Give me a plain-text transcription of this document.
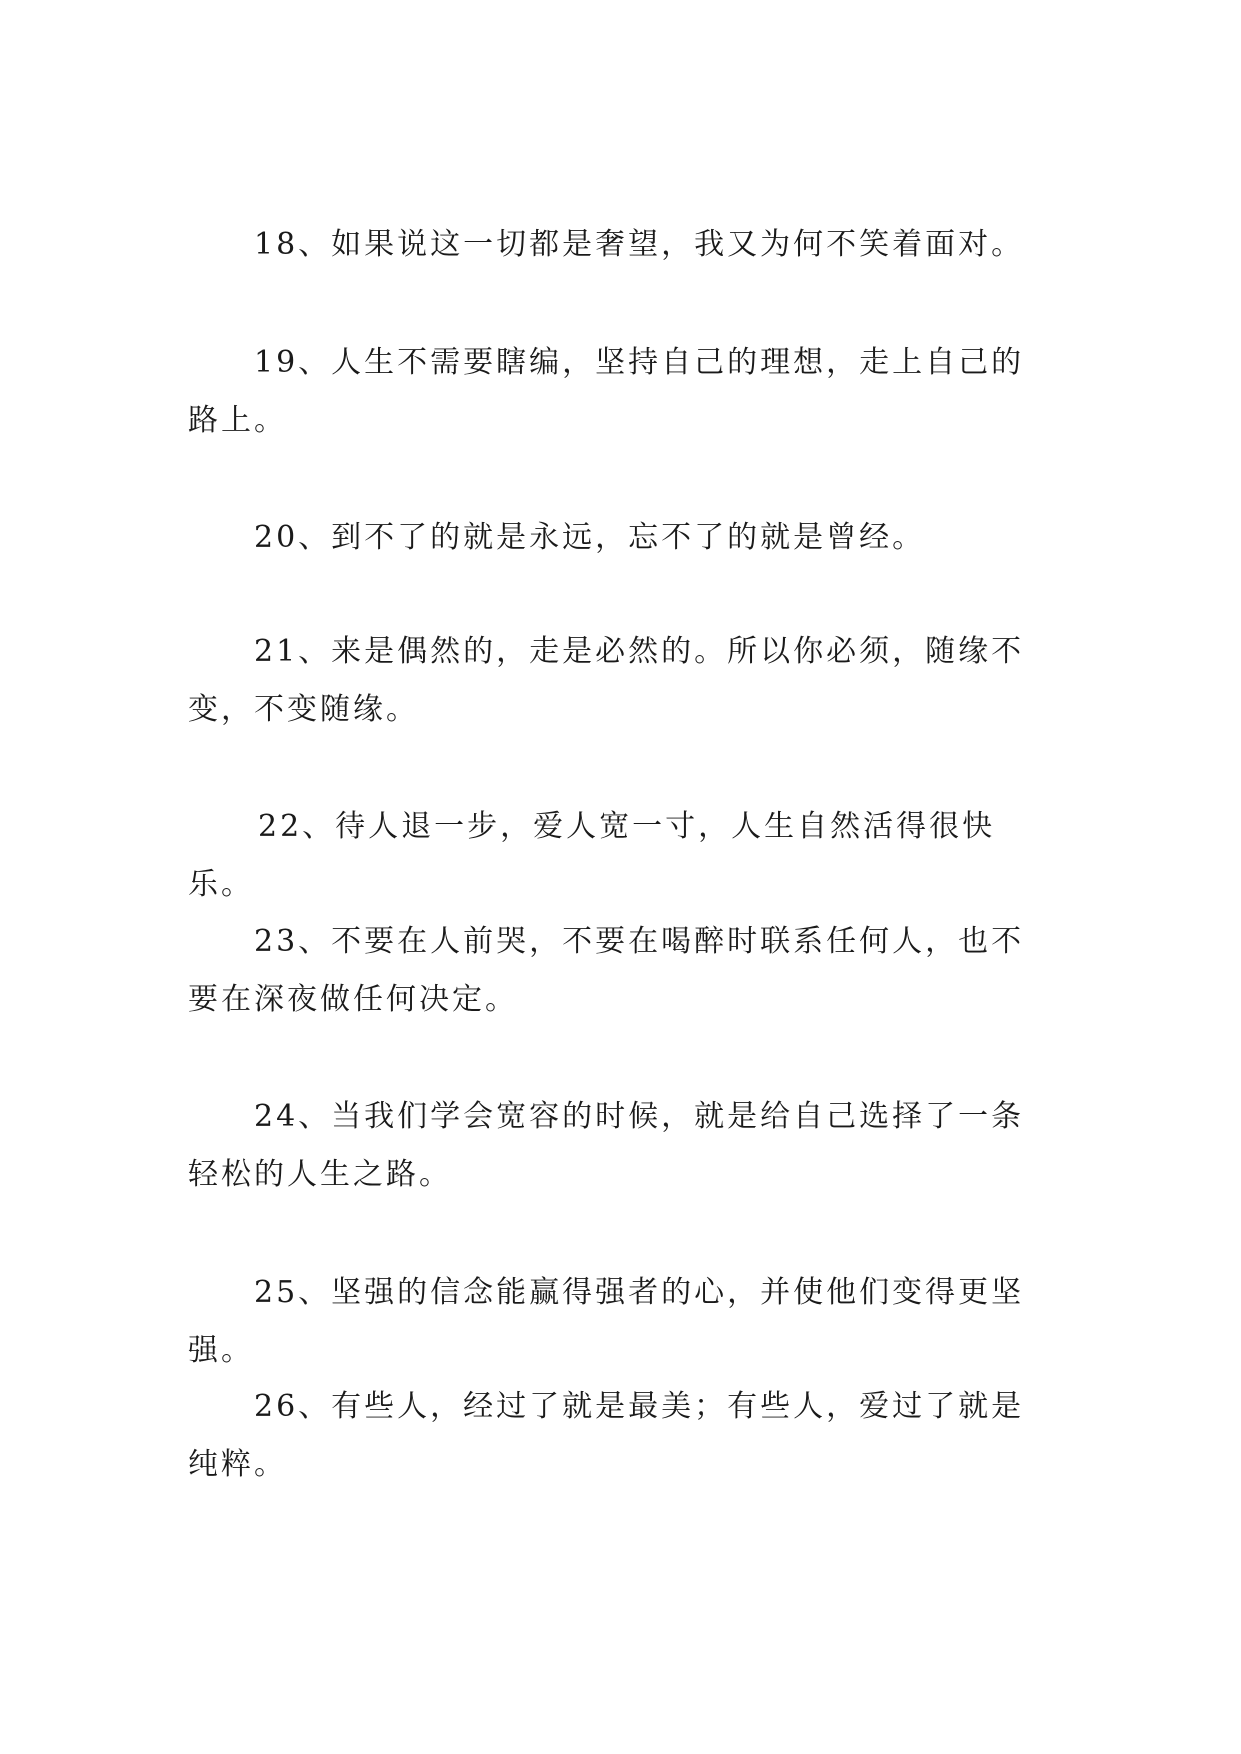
18、如果说这一切都是奢望，我又为何不笑着面对。

19、人生不需要瞎编，坚持自己的理想，走上自己的路上。

20、到不了的就是永远，忘不了的就是曾经。

21、来是偶然的，走是必然的。所以你必须，随缘不变，不变随缘。

22、待人退一步，爱人宽一寸，人生自然活得很快乐。

23、不要在人前哭，不要在喝醉时联系任何人，也不要在深夜做任何决定。

24、当我们学会宽容的时候，就是给自己选择了一条轻松的人生之路。

25、坚强的信念能赢得强者的心，并使他们变得更坚强。

26、有些人，经过了就是最美；有些人，爱过了就是纯粹。
